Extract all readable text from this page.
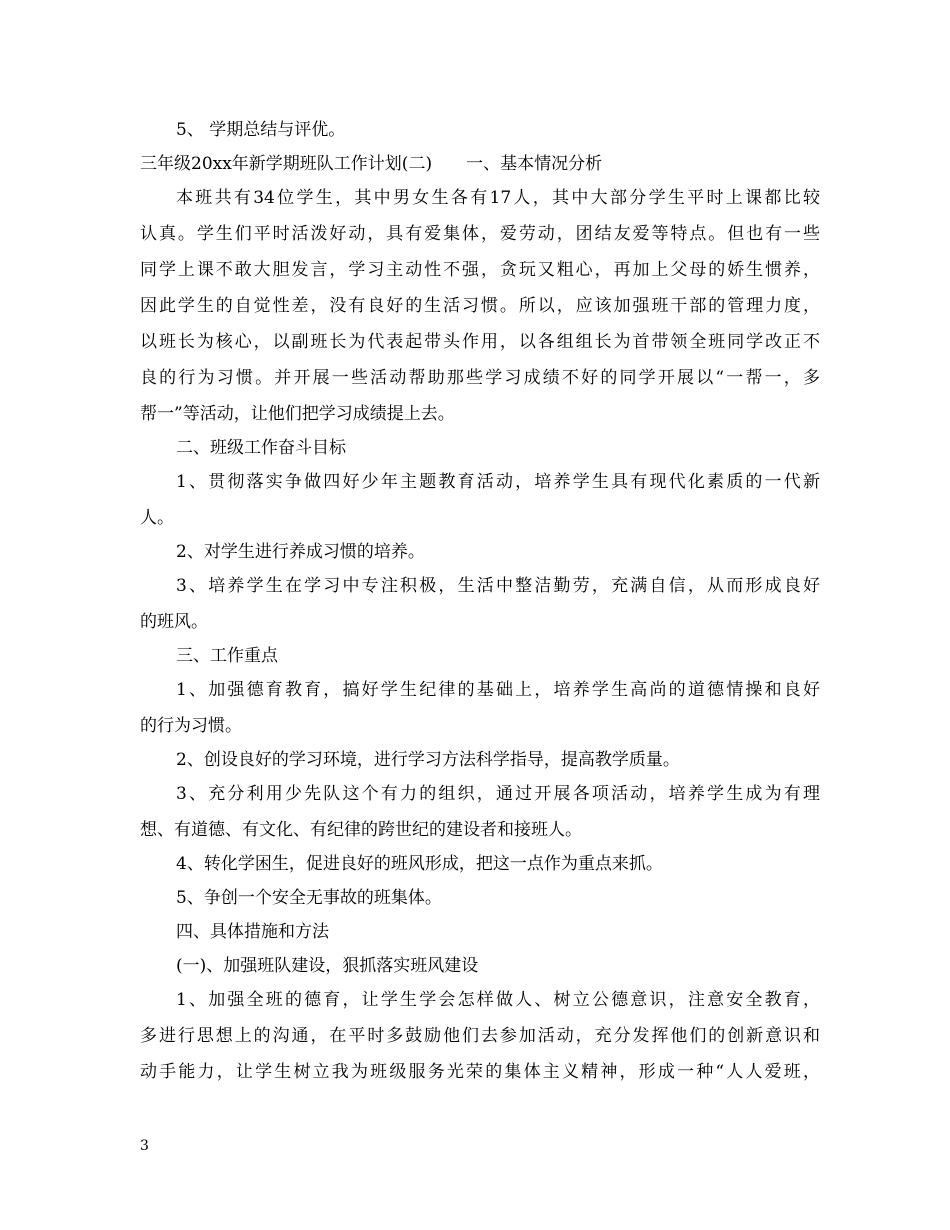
5、 学期总结与评优。
三年级20xx年新学期班队工作计划(二)　　一、基本情况分析
本班共有34位学生，其中男女生各有17人，其中大部分学生平时上课都比较
认真。学生们平时活泼好动，具有爱集体，爱劳动，团结友爱等特点。但也有一些
同学上课不敢大胆发言，学习主动性不强，贪玩又粗心，再加上父母的娇生惯养，
因此学生的自觉性差，没有良好的生活习惯。所以，应该加强班干部的管理力度，
以班长为核心，以副班长为代表起带头作用，以各组组长为首带领全班同学改正不
良的行为习惯。并开展一些活动帮助那些学习成绩不好的同学开展以“一帮一，多
帮一”等活动，让他们把学习成绩提上去。
二、班级工作奋斗目标
1、贯彻落实争做四好少年主题教育活动，培养学生具有现代化素质的一代新
人。
2、对学生进行养成习惯的培养。
3、培养学生在学习中专注积极，生活中整洁勤劳，充满自信，从而形成良好
的班风。
三、工作重点
1、加强德育教育，搞好学生纪律的基础上，培养学生高尚的道德情操和良好
的行为习惯。
2、创设良好的学习环境，进行学习方法科学指导，提高教学质量。
3、充分利用少先队这个有力的组织，通过开展各项活动，培养学生成为有理
想、有道德、有文化、有纪律的跨世纪的建设者和接班人。
4、转化学困生，促进良好的班风形成，把这一点作为重点来抓。
5、争创一个安全无事故的班集体。
四、具体措施和方法
(一)、加强班队建设，狠抓落实班风建设
1、加强全班的德育，让学生学会怎样做人、树立公德意识，注意安全教育，
多进行思想上的沟通，在平时多鼓励他们去参加活动，充分发挥他们的创新意识和
动手能力，让学生树立我为班级服务光荣的集体主义精神，形成一种“人人爱班，
3
